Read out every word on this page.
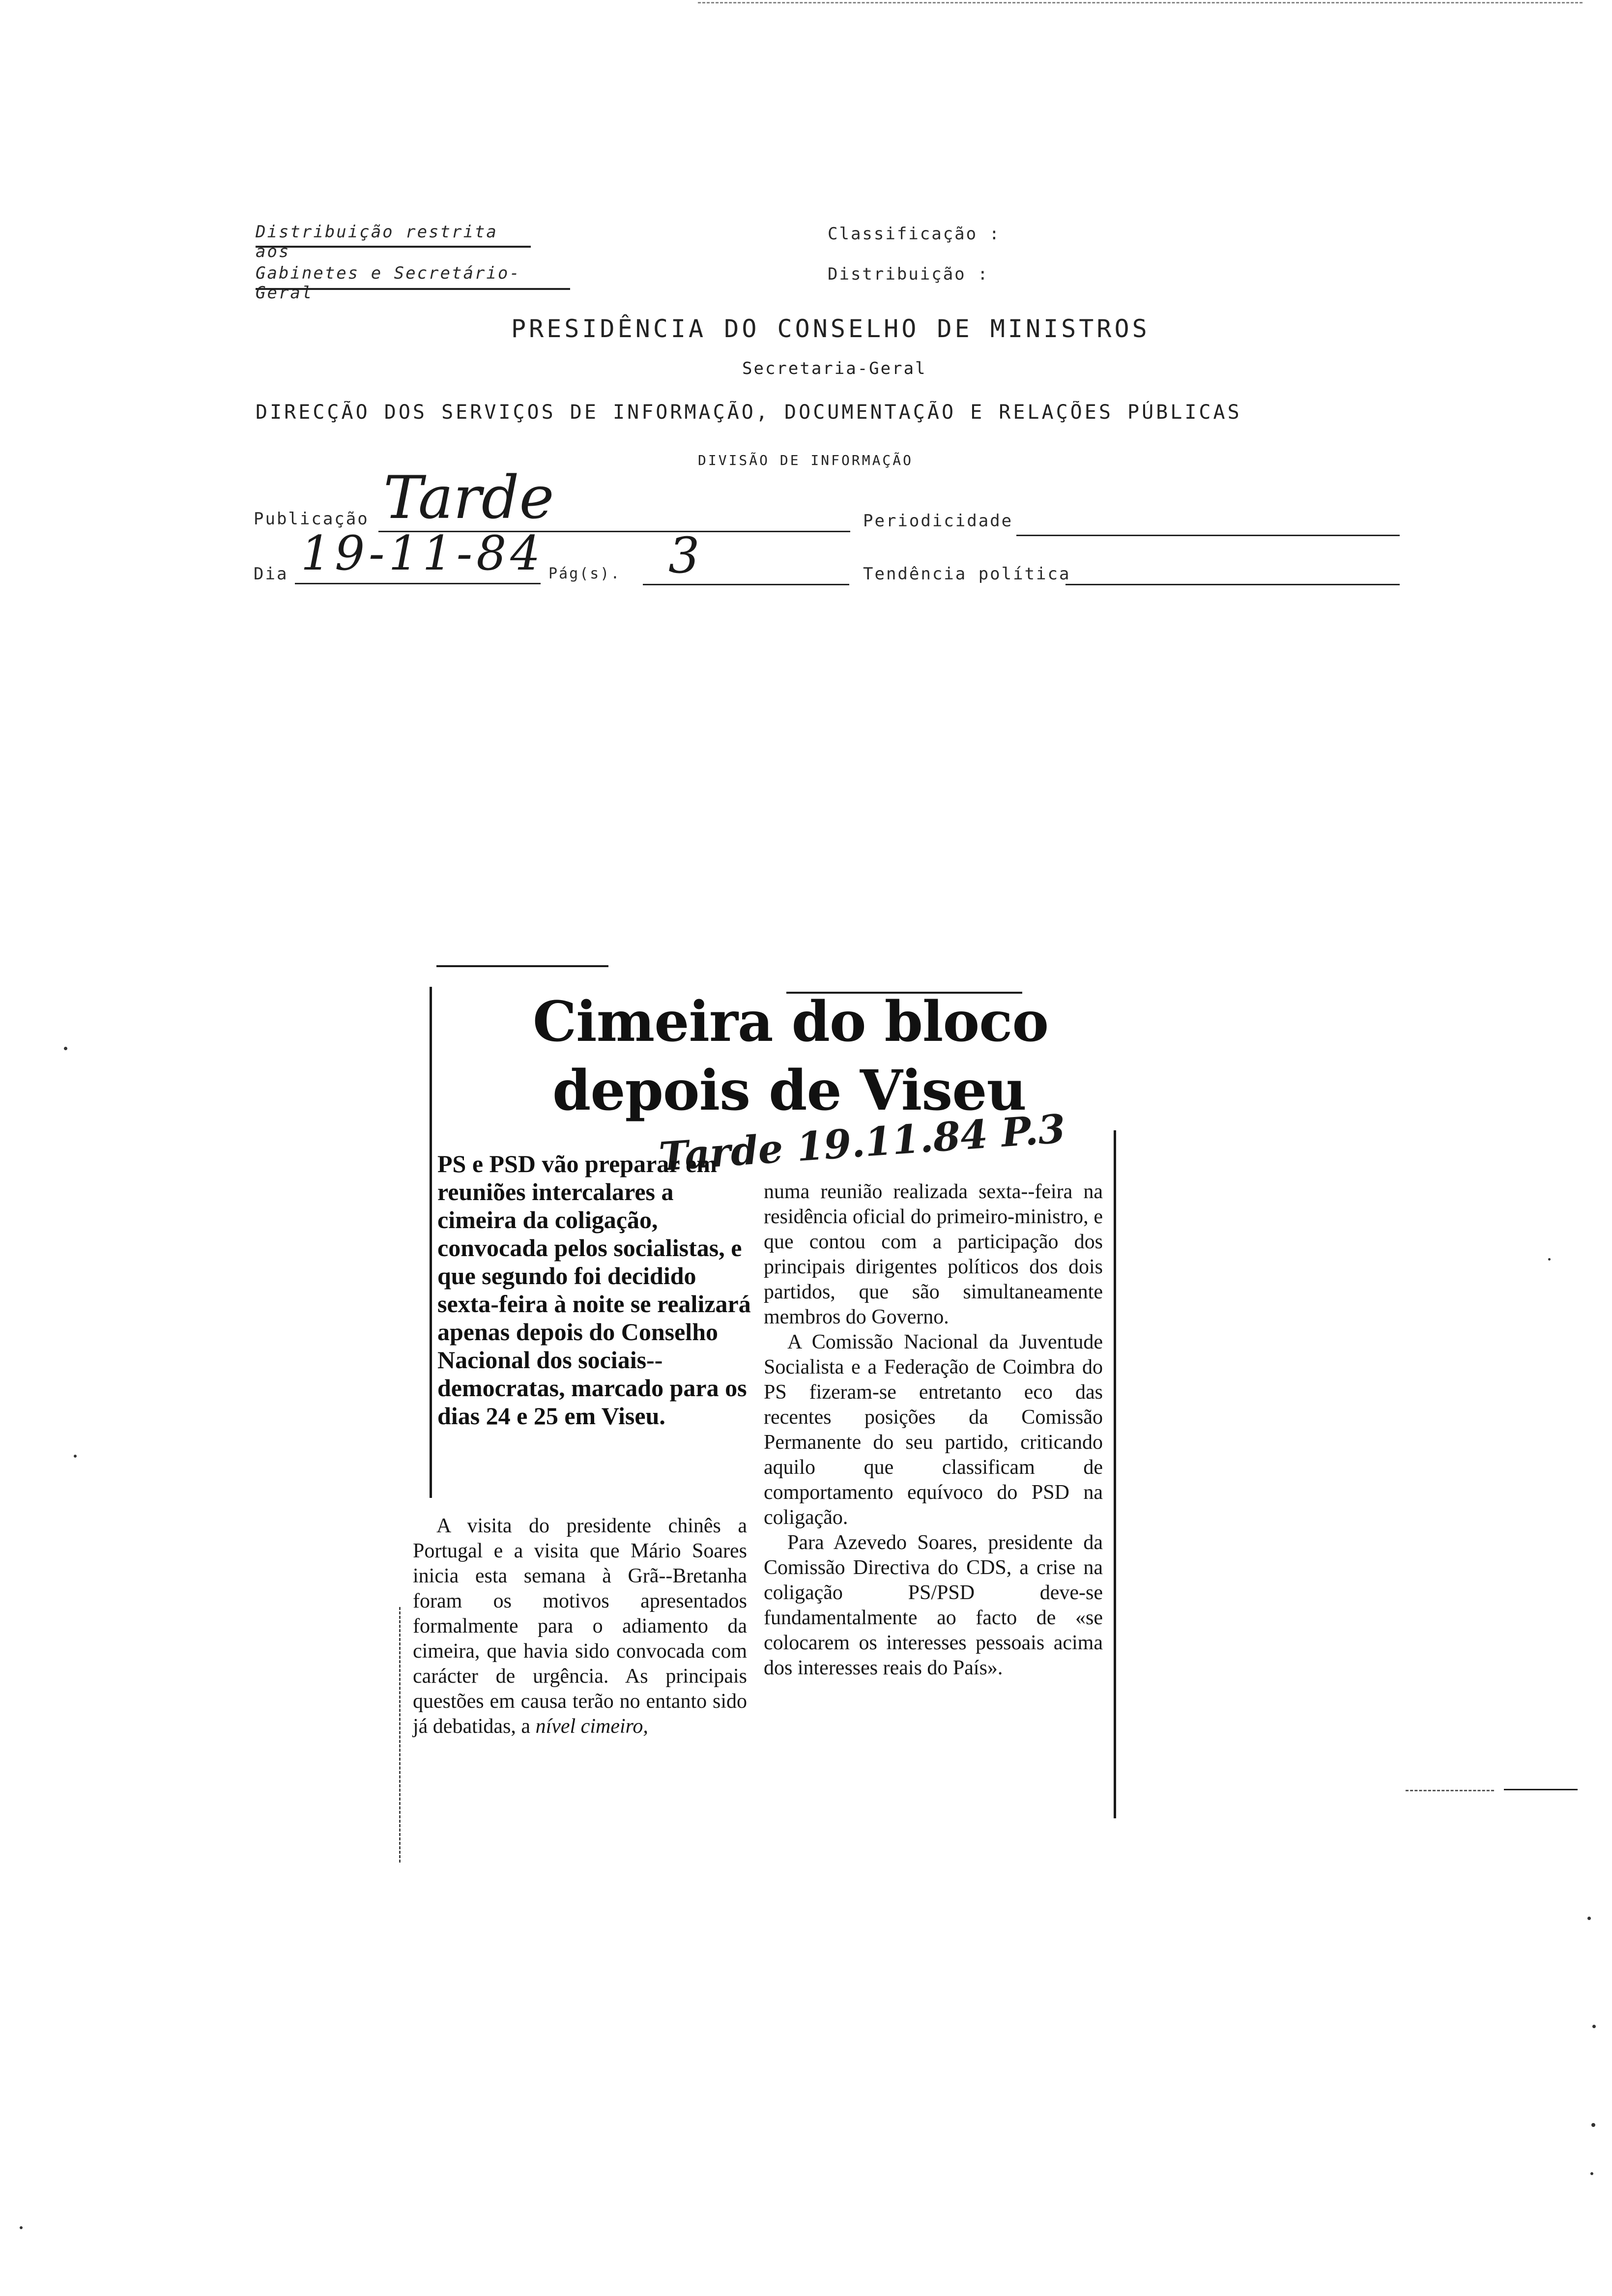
Distribuição restrita aos
Gabinetes e Secretário-Geral
Classificação :
Distribuição :
PRESIDÊNCIA DO CONSELHO DE MINISTROS
Secretaria-Geral
DIRECÇÃO DOS SERVIÇOS DE INFORMAÇÃO, DOCUMENTAÇÃO E RELAÇÕES PÚBLICAS
DIVISÃO DE INFORMAÇÃO
Publicação Tarde	Periodicidade
Dia 19-11-84 Pág(s). 3	Tendência política
Cimeira do bloco
depois de Viseu
Tarde 19.11.84 P.3

PS e PSD vão preparar em reuniões intercalares a cimeira da coligação, convocada pelos socialistas, e que segundo foi decidido sexta-feira à noite se realizará apenas depois do Conselho Nacional dos sociais--democratas, marcado para os dias 24 e 25 em Viseu.

A visita do presidente chinês a Portugal e a visita que Mário Soares inicia esta semana à Grã--Bretanha foram os motivos apresentados formalmente para o adiamento da cimeira, que havia sido convocada com carácter de urgência. As principais questões em causa terão no entanto sido já debatidas, a nível cimeiro,

numa reunião realizada sexta--feira na residência oficial do primeiro-ministro, e que contou com a participação dos principais dirigentes políticos dos dois partidos, que são simultaneamente membros do Governo.

A Comissão Nacional da Juventude Socialista e a Federação de Coimbra do PS fizeram-se entretanto eco das recentes posições da Comissão Permanente do seu partido, criticando aquilo que classificam de comportamento equívoco do PSD na coligação.

Para Azevedo Soares, presidente da Comissão Directiva do CDS, a crise na coligação PS/PSD deve-se fundamentalmente ao facto de «se colocarem os interesses pessoais acima dos interesses reais do País».
